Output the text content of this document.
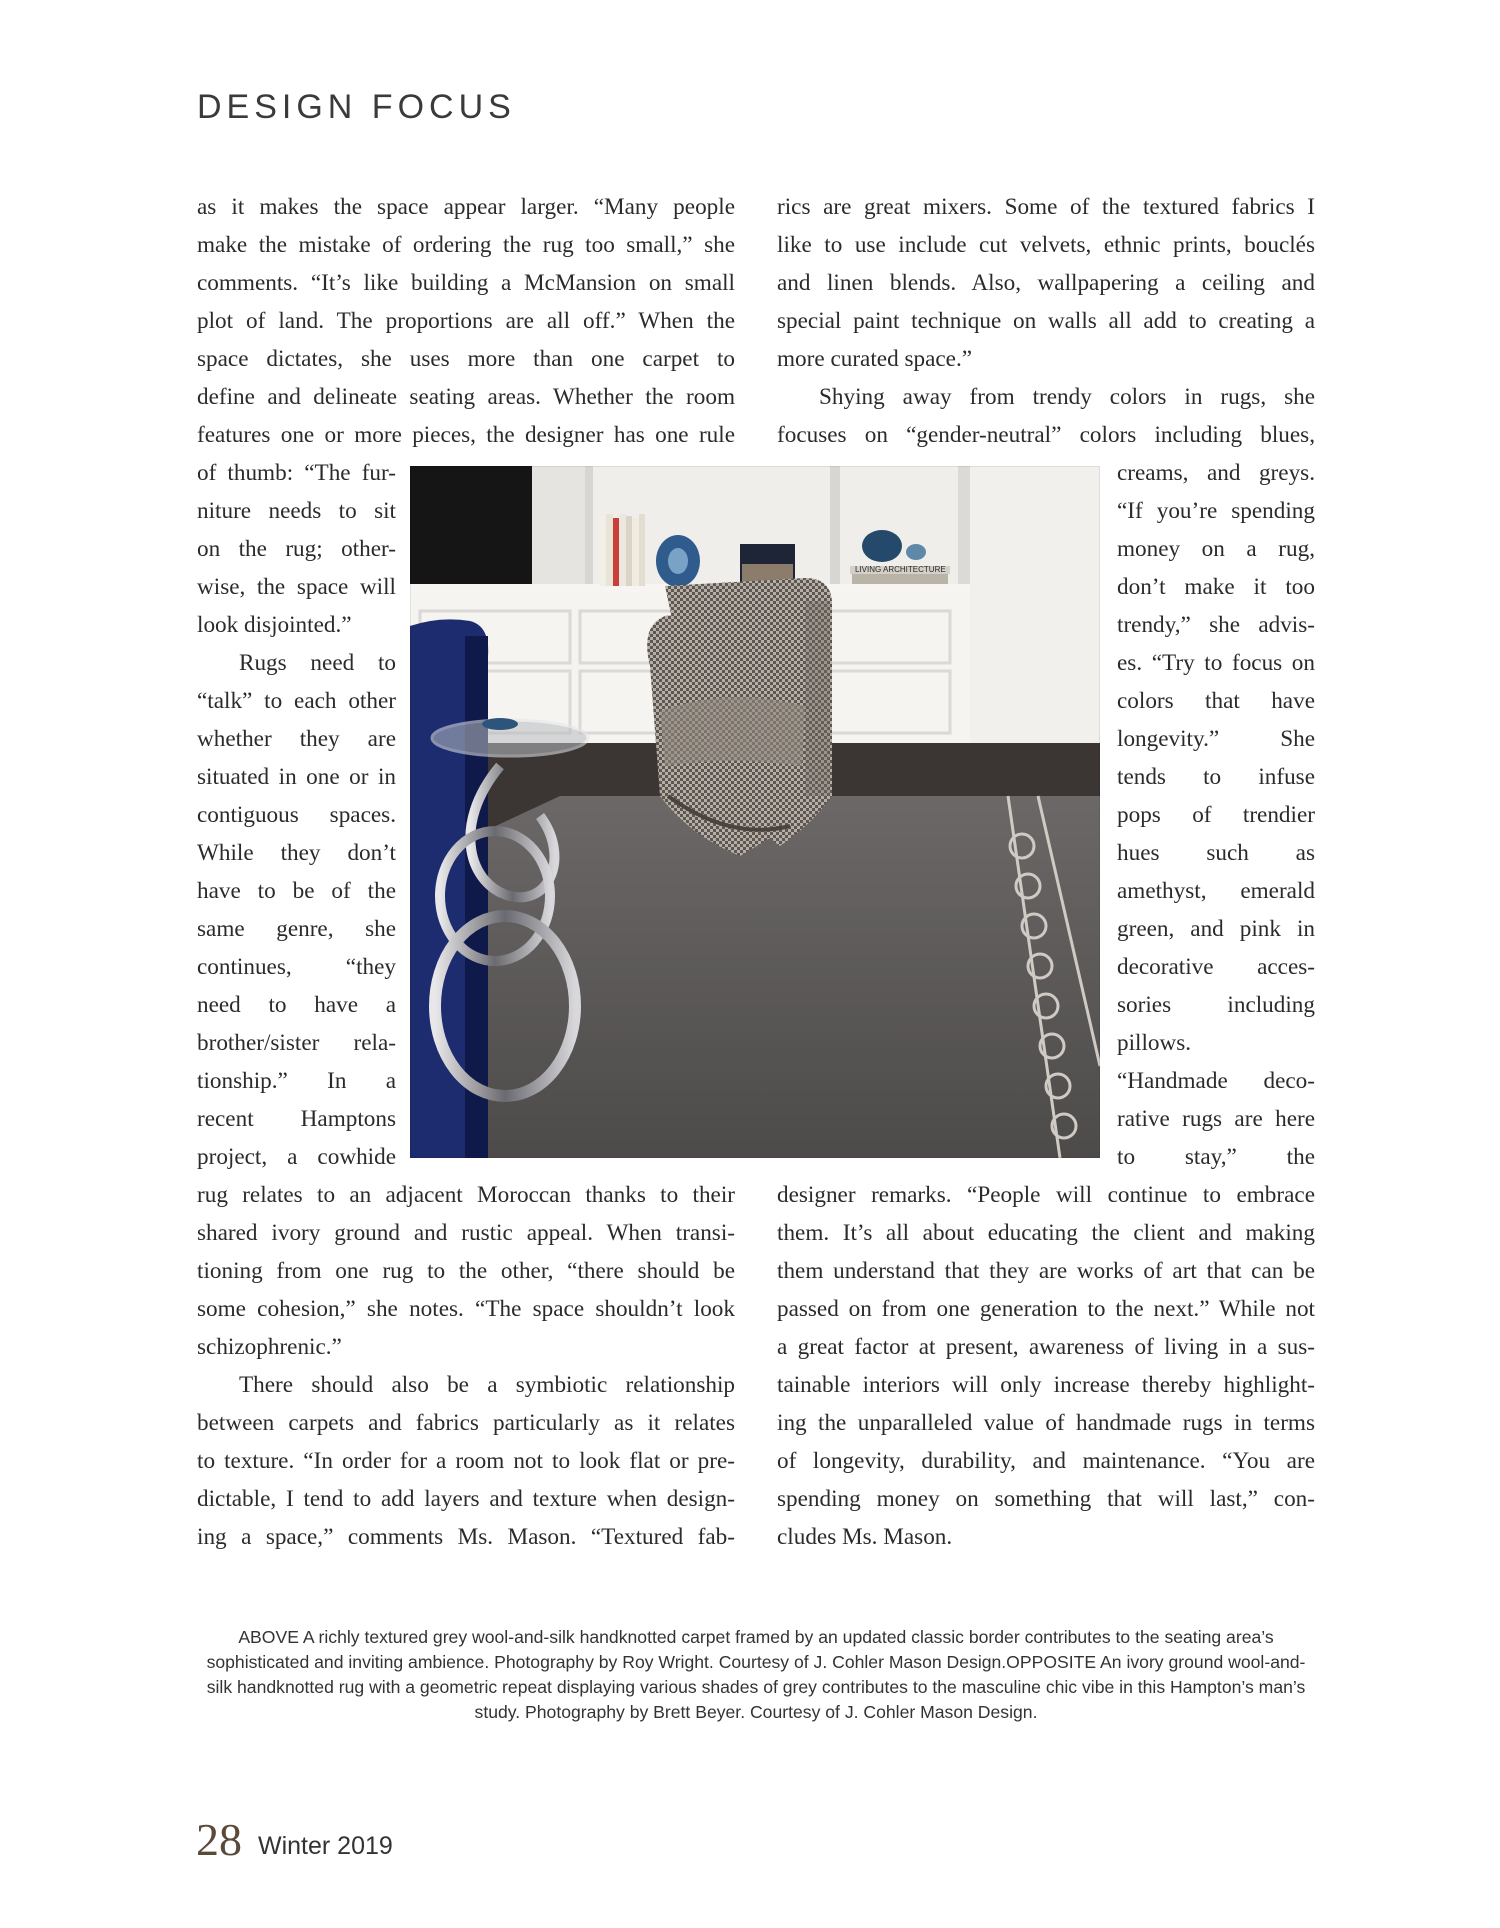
DESIGN FOCUS
as it makes the space appear larger. “Many people
make the mistake of ordering the rug too small,” she
comments. “It’s like building a McMansion on small
plot of land. The proportions are all off.” When the
space dictates, she uses more than one carpet to
define and delineate seating areas. Whether the room
features one or more pieces, the designer has one rule
of thumb: “The fur-
niture needs to sit
on the rug; other-
wise, the space will
look disjointed.”
Rugs need to
“talk” to each other
whether they are
situated in one or in
contiguous spaces.
While they don’t
have to be of the
same genre, she
continues, “they
need to have a
brother/sister rela-
tionship.” In a
recent Hamptons
project, a cowhide
rug relates to an adjacent Moroccan thanks to their
shared ivory ground and rustic appeal. When transi-
tioning from one rug to the other, “there should be
some cohesion,” she notes. “The space shouldn’t look
schizophrenic.”
There should also be a symbiotic relationship
between carpets and fabrics particularly as it relates
to texture. “In order for a room not to look flat or pre-
dictable, I tend to add layers and texture when design-
ing a space,” comments Ms. Mason. “Textured fab-
rics are great mixers. Some of the textured fabrics I
like to use include cut velvets, ethnic prints, bouclés
and linen blends. Also, wallpapering a ceiling and
special paint technique on walls all add to creating a
more curated space.”
Shying away from trendy colors in rugs, she
focuses on “gender-neutral” colors including blues,
creams, and greys.
“If you’re spending
money on a rug,
don’t make it too
trendy,” she advis-
es. “Try to focus on
colors that have
longevity.” She
tends to infuse
pops of trendier
hues such as
amethyst, emerald
green, and pink in
decorative acces-
sories including
pillows.
“Handmade deco-
rative rugs are here
to stay,” the
designer remarks. “People will continue to embrace
them. It’s all about educating the client and making
them understand that they are works of art that can be
passed on from one generation to the next.” While not
a great factor at present, awareness of living in a sus-
tainable interiors will only increase thereby highlight-
ing the unparalleled value of handmade rugs in terms
of longevity, durability, and maintenance. “You are
spending money on something that will last,” con-
cludes Ms. Mason.
LIVING ARCHITECTURE
ABOVE A richly textured grey wool-and-silk handknotted carpet framed by an updated classic border contributes to the seating area’s sophisticated and inviting ambience. Photography by Roy Wright. Courtesy of J. Cohler Mason Design.OPPOSITE An ivory ground wool-and-silk handknotted rug with a geometric repeat displaying various shades of grey contributes to the masculine chic vibe in this Hampton’s man’s study. Photography by Brett Beyer. Courtesy of J. Cohler Mason Design.
28 Winter 2019
